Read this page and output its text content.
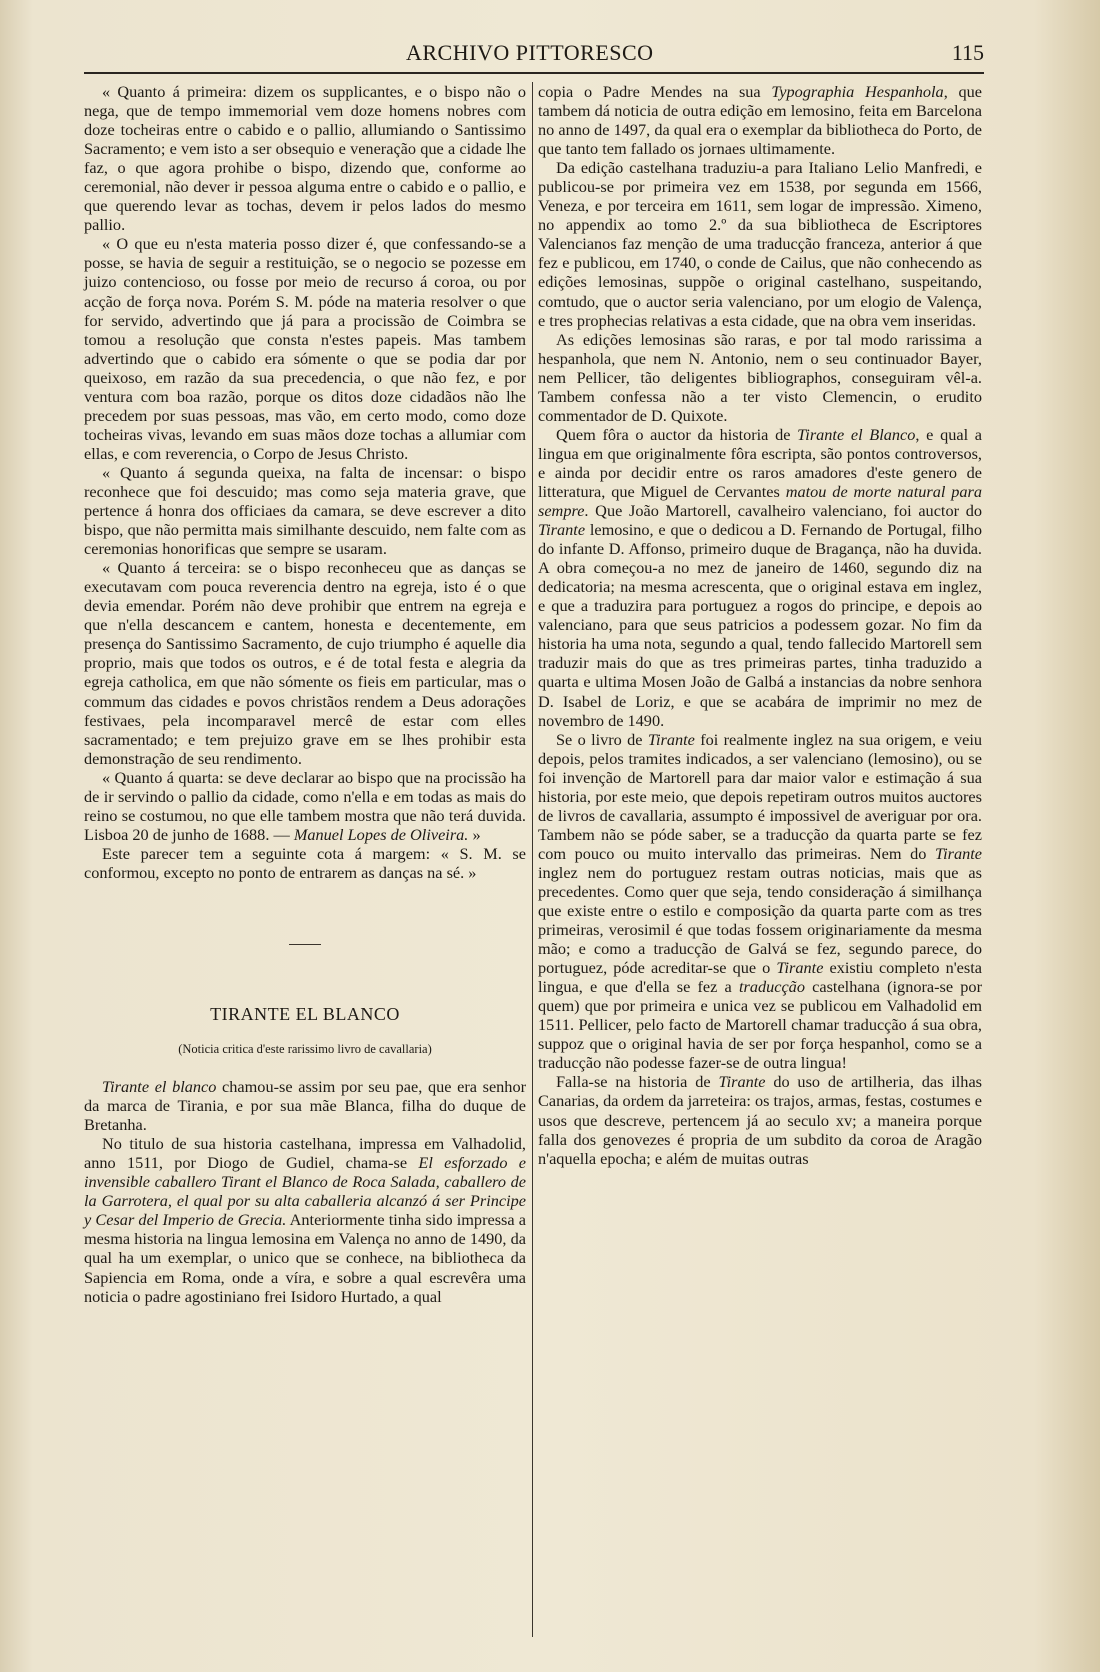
ARCHIVO PITTORESCO	115

« Quanto á primeira: dizem os supplicantes, e o bispo não o nega, que de tempo immemorial vem doze homens nobres com doze tocheiras entre o cabido e o pallio, allumiando o Santissimo Sacramento; e vem isto a ser obsequio e veneração que a cidade lhe faz, o que agora prohibe o bispo, dizendo que, conforme ao ceremonial, não dever ir pessoa alguma entre o cabido e o pallio, e que querendo levar as tochas, devem ir pelos lados do mesmo pallio.

« O que eu n'esta materia posso dizer é, que confessando-se a posse, se havia de seguir a restituição, se o negocio se pozesse em juizo contencioso, ou fosse por meio de recurso á coroa, ou por acção de força nova. Porém S. M. póde na materia resolver o que for servido, advertindo que já para a procissão de Coimbra se tomou a resolução que consta n'estes papeis. Mas tambem advertindo que o cabido era sómente o que se podia dar por queixoso, em razão da sua precedencia, o que não fez, e por ventura com boa razão, porque os ditos doze cidadãos não lhe precedem por suas pessoas, mas vão, em certo modo, como doze tocheiras vivas, levando em suas mãos doze tochas a allumiar com ellas, e com reverencia, o Corpo de Jesus Christo.

« Quanto á segunda queixa, na falta de incensar: o bispo reconhece que foi descuido; mas como seja materia grave, que pertence á honra dos officiaes da camara, se deve escrever a dito bispo, que não permitta mais similhante descuido, nem falte com as ceremonias honorificas que sempre se usaram.

« Quanto á terceira: se o bispo reconheceu que as danças se executavam com pouca reverencia dentro na egreja, isto é o que devia emendar. Porém não deve prohibir que entrem na egreja e que n'ella descancem e cantem, honesta e decentemente, em presença do Santissimo Sacramento, de cujo triumpho é aquelle dia proprio, mais que todos os outros, e é de total festa e alegria da egreja catholica, em que não sómente os fieis em particular, mas o commum das cidades e povos christãos rendem a Deus adorações festivaes, pela incomparavel mercê de estar com elles sacramentado; e tem prejuizo grave em se lhes prohibir esta demonstração de seu rendimento.

« Quanto á quarta: se deve declarar ao bispo que na procissão ha de ir servindo o pallio da cidade, como n'ella e em todas as mais do reino se costumou, no que elle tambem mostra que não terá duvida. Lisboa 20 de junho de 1688. — Manuel Lopes de Oliveira. »

Este parecer tem a seguinte cota á margem: « S. M. se conformou, excepto no ponto de entrarem as danças na sé. »

TIRANTE EL BLANCO
(Noticia critica d'este rarissimo livro de cavallaria)

Tirante el blanco chamou-se assim por seu pae, que era senhor da marca de Tirania, e por sua mãe Blanca, filha do duque de Bretanha.

No titulo de sua historia castelhana, impressa em Valhadolid, anno 1511, por Diogo de Gudiel, chama-se El esforzado e invensible caballero Tirant el Blanco de Roca Salada, caballero de la Garrotera, el qual por su alta caballeria alcanzó á ser Principe y Cesar del Imperio de Grecia. Anteriormente tinha sido impressa a mesma historia na lingua lemosina em Valença no anno de 1490, da qual ha um exemplar, o unico que se conhece, na bibliotheca da Sapiencia em Roma, onde a víra, e sobre a qual escrevêra uma noticia o padre agostiniano frei Isidoro Hurtado, a qual

copia o Padre Mendes na sua Typographia Hespanhola, que tambem dá noticia de outra edição em lemosino, feita em Barcelona no anno de 1497, da qual era o exemplar da bibliotheca do Porto, de que tanto tem fallado os jornaes ultimamente.

Da edição castelhana traduziu-a para Italiano Lelio Manfredi, e publicou-se por primeira vez em 1538, por segunda em 1566, Veneza, e por terceira em 1611, sem logar de impressão. Ximeno, no appendix ao tomo 2.º da sua bibliotheca de Escriptores Valencianos faz menção de uma traducção franceza, anterior á que fez e publicou, em 1740, o conde de Cailus, que não conhecendo as edições lemosinas, suppõe o original castelhano, suspeitando, comtudo, que o auctor seria valenciano, por um elogio de Valença, e tres prophecias relativas a esta cidade, que na obra vem inseridas.

As edições lemosinas são raras, e por tal modo rarissima a hespanhola, que nem N. Antonio, nem o seu continuador Bayer, nem Pellicer, tão deligentes bibliographos, conseguiram vêl-a. Tambem confessa não a ter visto Clemencin, o erudito commentador de D. Quixote.

Quem fôra o auctor da historia de Tirante el Blanco, e qual a lingua em que originalmente fôra escripta, são pontos controversos, e ainda por decidir entre os raros amadores d'este genero de litteratura, que Miguel de Cervantes matou de morte natural para sempre. Que João Martorell, cavalheiro valenciano, foi auctor do Tirante lemosino, e que o dedicou a D. Fernando de Portugal, filho do infante D. Affonso, primeiro duque de Bragança, não ha duvida. A obra começou-a no mez de janeiro de 1460, segundo diz na dedicatoria; na mesma acrescenta, que o original estava em inglez, e que a traduzira para portuguez a rogos do principe, e depois ao valenciano, para que seus patricios a podessem gozar. No fim da historia ha uma nota, segundo a qual, tendo fallecido Martorell sem traduzir mais do que as tres primeiras partes, tinha traduzido a quarta e ultima Mosen João de Galbá a instancias da nobre senhora D. Isabel de Loriz, e que se acabára de imprimir no mez de novembro de 1490.

Se o livro de Tirante foi realmente inglez na sua origem, e veiu depois, pelos tramites indicados, a ser valenciano (lemosino), ou se foi invenção de Martorell para dar maior valor e estimação á sua historia, por este meio, que depois repetiram outros muitos auctores de livros de cavallaria, assumpto é impossivel de averiguar por ora. Tambem não se póde saber, se a traducção da quarta parte se fez com pouco ou muito intervallo das primeiras. Nem do Tirante inglez nem do portuguez restam outras noticias, mais que as precedentes. Como quer que seja, tendo consideração á similhança que existe entre o estilo e composição da quarta parte com as tres primeiras, verosimil é que todas fossem originariamente da mesma mão; e como a traducção de Galvá se fez, segundo parece, do portuguez, póde acreditar-se que o Tirante existiu completo n'esta lingua, e que d'ella se fez a traducção castelhana (ignora-se por quem) que por primeira e unica vez se publicou em Valhadolid em 1511. Pellicer, pelo facto de Martorell chamar traducção á sua obra, suppoz que o original havia de ser por força hespanhol, como se a traducção não podesse fazer-se de outra lingua!

Falla-se na historia de Tirante do uso de artilheria, das ilhas Canarias, da ordem da jarreteira: os trajos, armas, festas, costumes e usos que descreve, pertencem já ao seculo xv; a maneira porque falla dos genovezes é propria de um subdito da coroa de Aragão n'aquella epocha; e além de muitas outras
